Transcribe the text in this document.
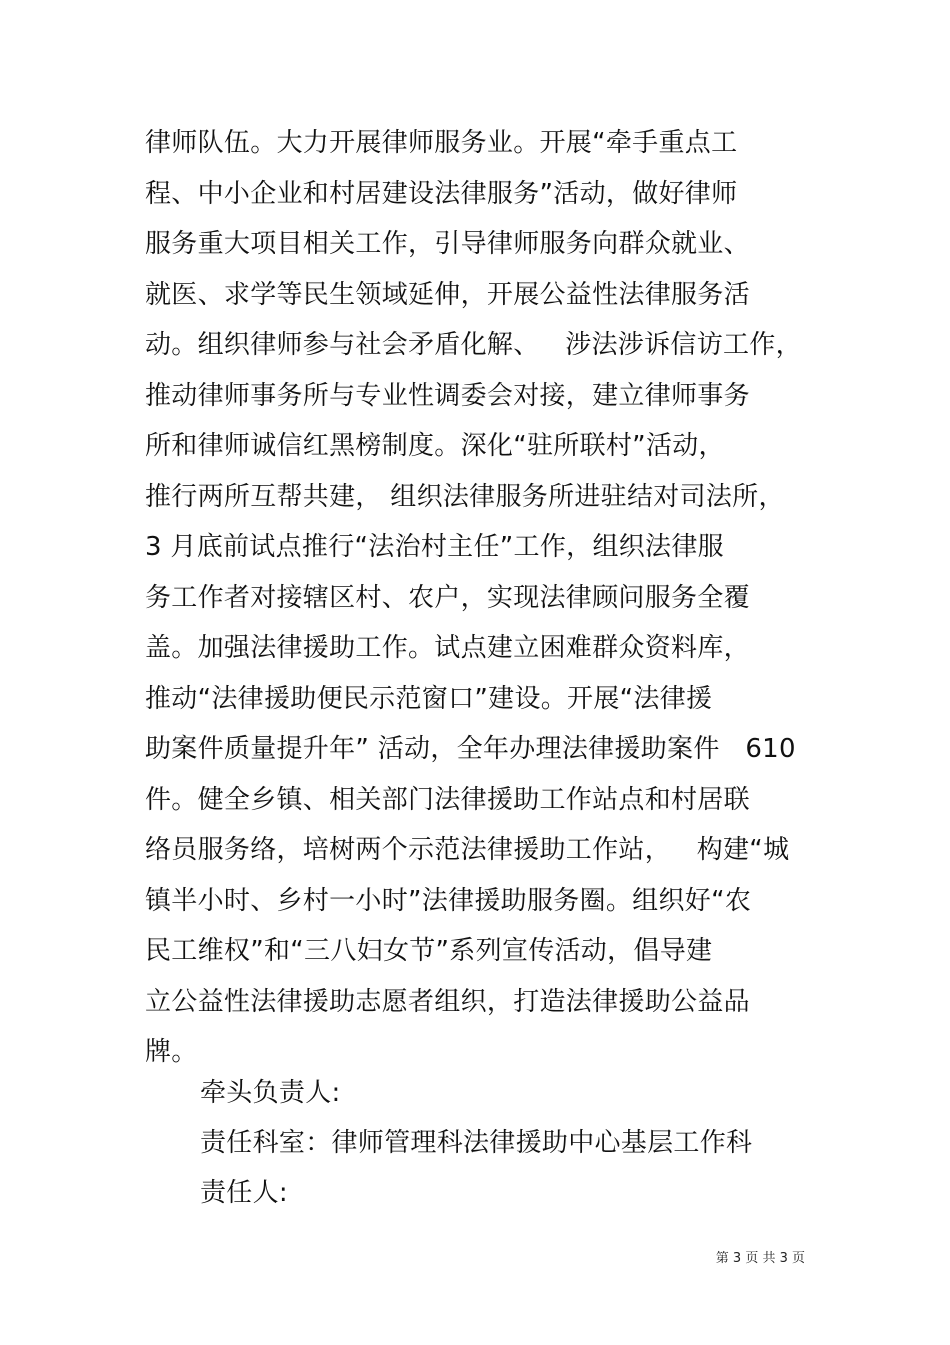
律师队伍。大力开展律师服务业。开展“牵手重点工
程、中小企业和村居建设法律服务”活动，做好律师
服务重大项目相关工作，引导律师服务向群众就业、
就医、求学等民生领域延伸，开展公益性法律服务活
动。组织律师参与社会矛盾化解、   涉法涉诉信访工作，
推动律师事务所与专业性调委会对接，建立律师事务
所和律师诚信红黑榜制度。深化“驻所联村”活动，
推行两所互帮共建， 组织法律服务所进驻结对司法所，
3 月底前试点推行“法治村主任”工作，组织法律服
务工作者对接辖区村、农户，实现法律顾问服务全覆
盖。加强法律援助工作。试点建立困难群众资料库，
推动“法律援助便民示范窗口”建设。开展“法律援
助案件质量提升年” 活动，全年办理法律援助案件   610
件。健全乡镇、相关部门法律援助工作站点和村居联
络员服务络，培树两个示范法律援助工作站，   构建“城
镇半小时、乡村一小时”法律援助服务圈。组织好“农
民工维权”和“三八妇女节”系列宣传活动，倡导建
立公益性法律援助志愿者组织，打造法律援助公益品
牌。
牵头负责人:
责任科室：律师管理科法律援助中心基层工作科
责任人:
第 3 页 共 3 页
